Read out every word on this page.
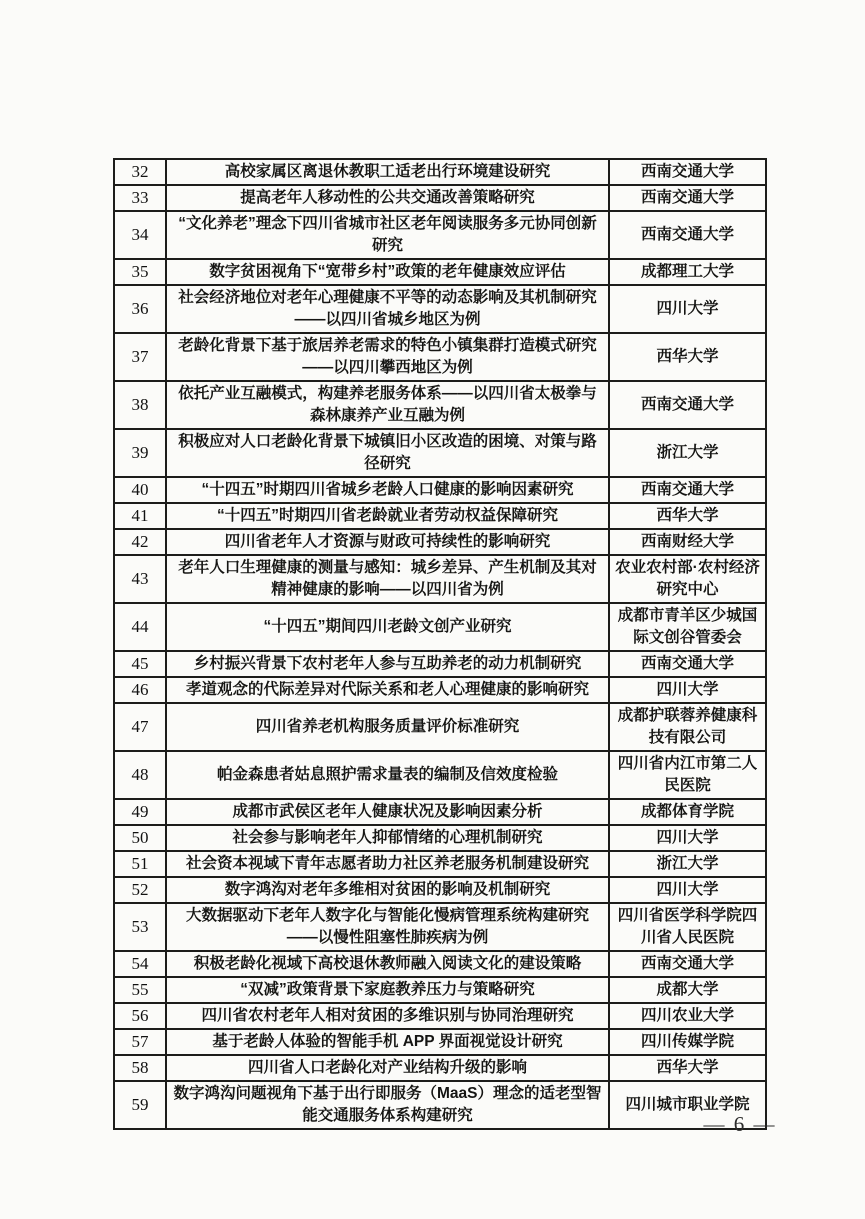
32	高校家属区离退休教职工适老出行环境建设研究	西南交通大学
33	提高老年人移动性的公共交通改善策略研究	西南交通大学
34	“文化养老”理念下四川省城市社区老年阅读服务多元协同创新研究	西南交通大学
35	数字贫困视角下“宽带乡村”政策的老年健康效应评估	成都理工大学
36	社会经济地位对老年心理健康不平等的动态影响及其机制研究——以四川省城乡地区为例	四川大学
37	老龄化背景下基于旅居养老需求的特色小镇集群打造模式研究——以四川攀西地区为例	西华大学
38	依托产业互融模式，构建养老服务体系——以四川省太极拳与森林康养产业互融为例	西南交通大学
39	积极应对人口老龄化背景下城镇旧小区改造的困境、对策与路径研究	浙江大学
40	“十四五”时期四川省城乡老龄人口健康的影响因素研究	西南交通大学
41	“十四五”时期四川省老龄就业者劳动权益保障研究	西华大学
42	四川省老年人才资源与财政可持续性的影响研究	西南财经大学
43	老年人口生理健康的测量与感知：城乡差异、产生机制及其对精神健康的影响——以四川省为例	农业农村部·农村经济研究中心
44	“十四五”期间四川老龄文创产业研究	成都市青羊区少城国际文创谷管委会
45	乡村振兴背景下农村老年人参与互助养老的动力机制研究	西南交通大学
46	孝道观念的代际差异对代际关系和老人心理健康的影响研究	四川大学
47	四川省养老机构服务质量评价标准研究	成都护联蓉养健康科技有限公司
48	帕金森患者姑息照护需求量表的编制及信效度检验	四川省内江市第二人民医院
49	成都市武侯区老年人健康状况及影响因素分析	成都体育学院
50	社会参与影响老年人抑郁情绪的心理机制研究	四川大学
51	社会资本视域下青年志愿者助力社区养老服务机制建设研究	浙江大学
52	数字鸿沟对老年多维相对贫困的影响及机制研究	四川大学
53	大数据驱动下老年人数字化与智能化慢病管理系统构建研究——以慢性阻塞性肺疾病为例	四川省医学科学院四川省人民医院
54	积极老龄化视域下高校退休教师融入阅读文化的建设策略	西南交通大学
55	“双减”政策背景下家庭教养压力与策略研究	成都大学
56	四川省农村老年人相对贫困的多维识别与协同治理研究	四川农业大学
57	基于老龄人体验的智能手机 APP 界面视觉设计研究	四川传媒学院
58	四川省人口老龄化对产业结构升级的影响	西华大学
59	数字鸿沟问题视角下基于出行即服务（MaaS）理念的适老型智能交通服务体系构建研究	四川城市职业学院
— 6 —
